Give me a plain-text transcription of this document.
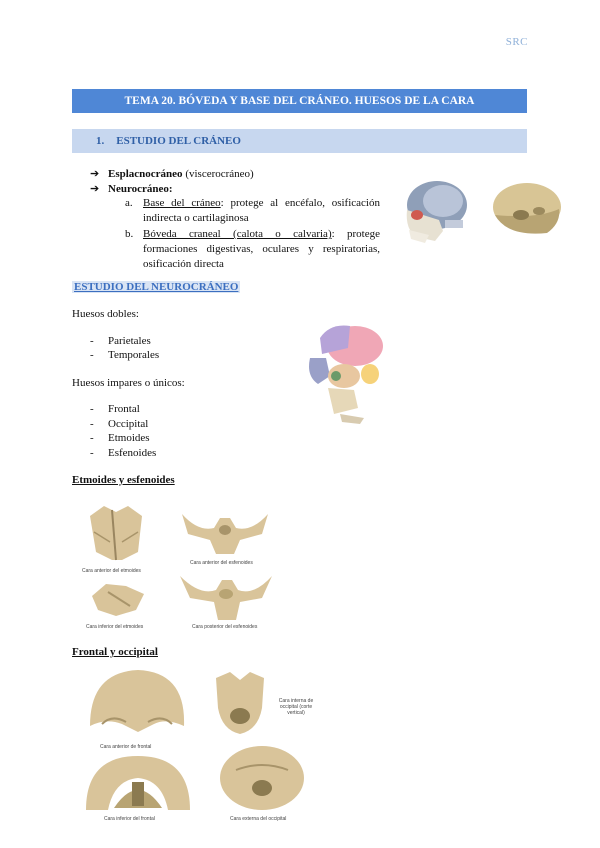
SRC
TEMA 20. BÓVEDA Y BASE DEL CRÁNEO. HUESOS DE LA CARA
1. ESTUDIO DEL CRÁNEO
➔ Esplacnocráneo (viscerocráneo)
➔ Neurocráneo:
a. Base del cráneo: protege al encéfalo, osificación indirecta o cartilaginosa
b. Bóveda craneal (calota o calvaria): protege formaciones digestivas, oculares y respiratorias, osificación directa
ESTUDIO DEL NEUROCRÁNEO
Huesos dobles:
- Parietales
- Temporales
Huesos impares o únicos:
- Frontal
- Occipital
- Etmoides
- Esfenoides
Etmoides y esfenoides
Cara anterior del etmoides
Cara anterior del esfenoides
Cara inferior del etmoides	Cara posterior del esfenoides
Frontal y occipital
Cara anterior de frontal
Cara interna de occipital (corte vertical)
Cara inferior del frontal	Cara externa del occipital
